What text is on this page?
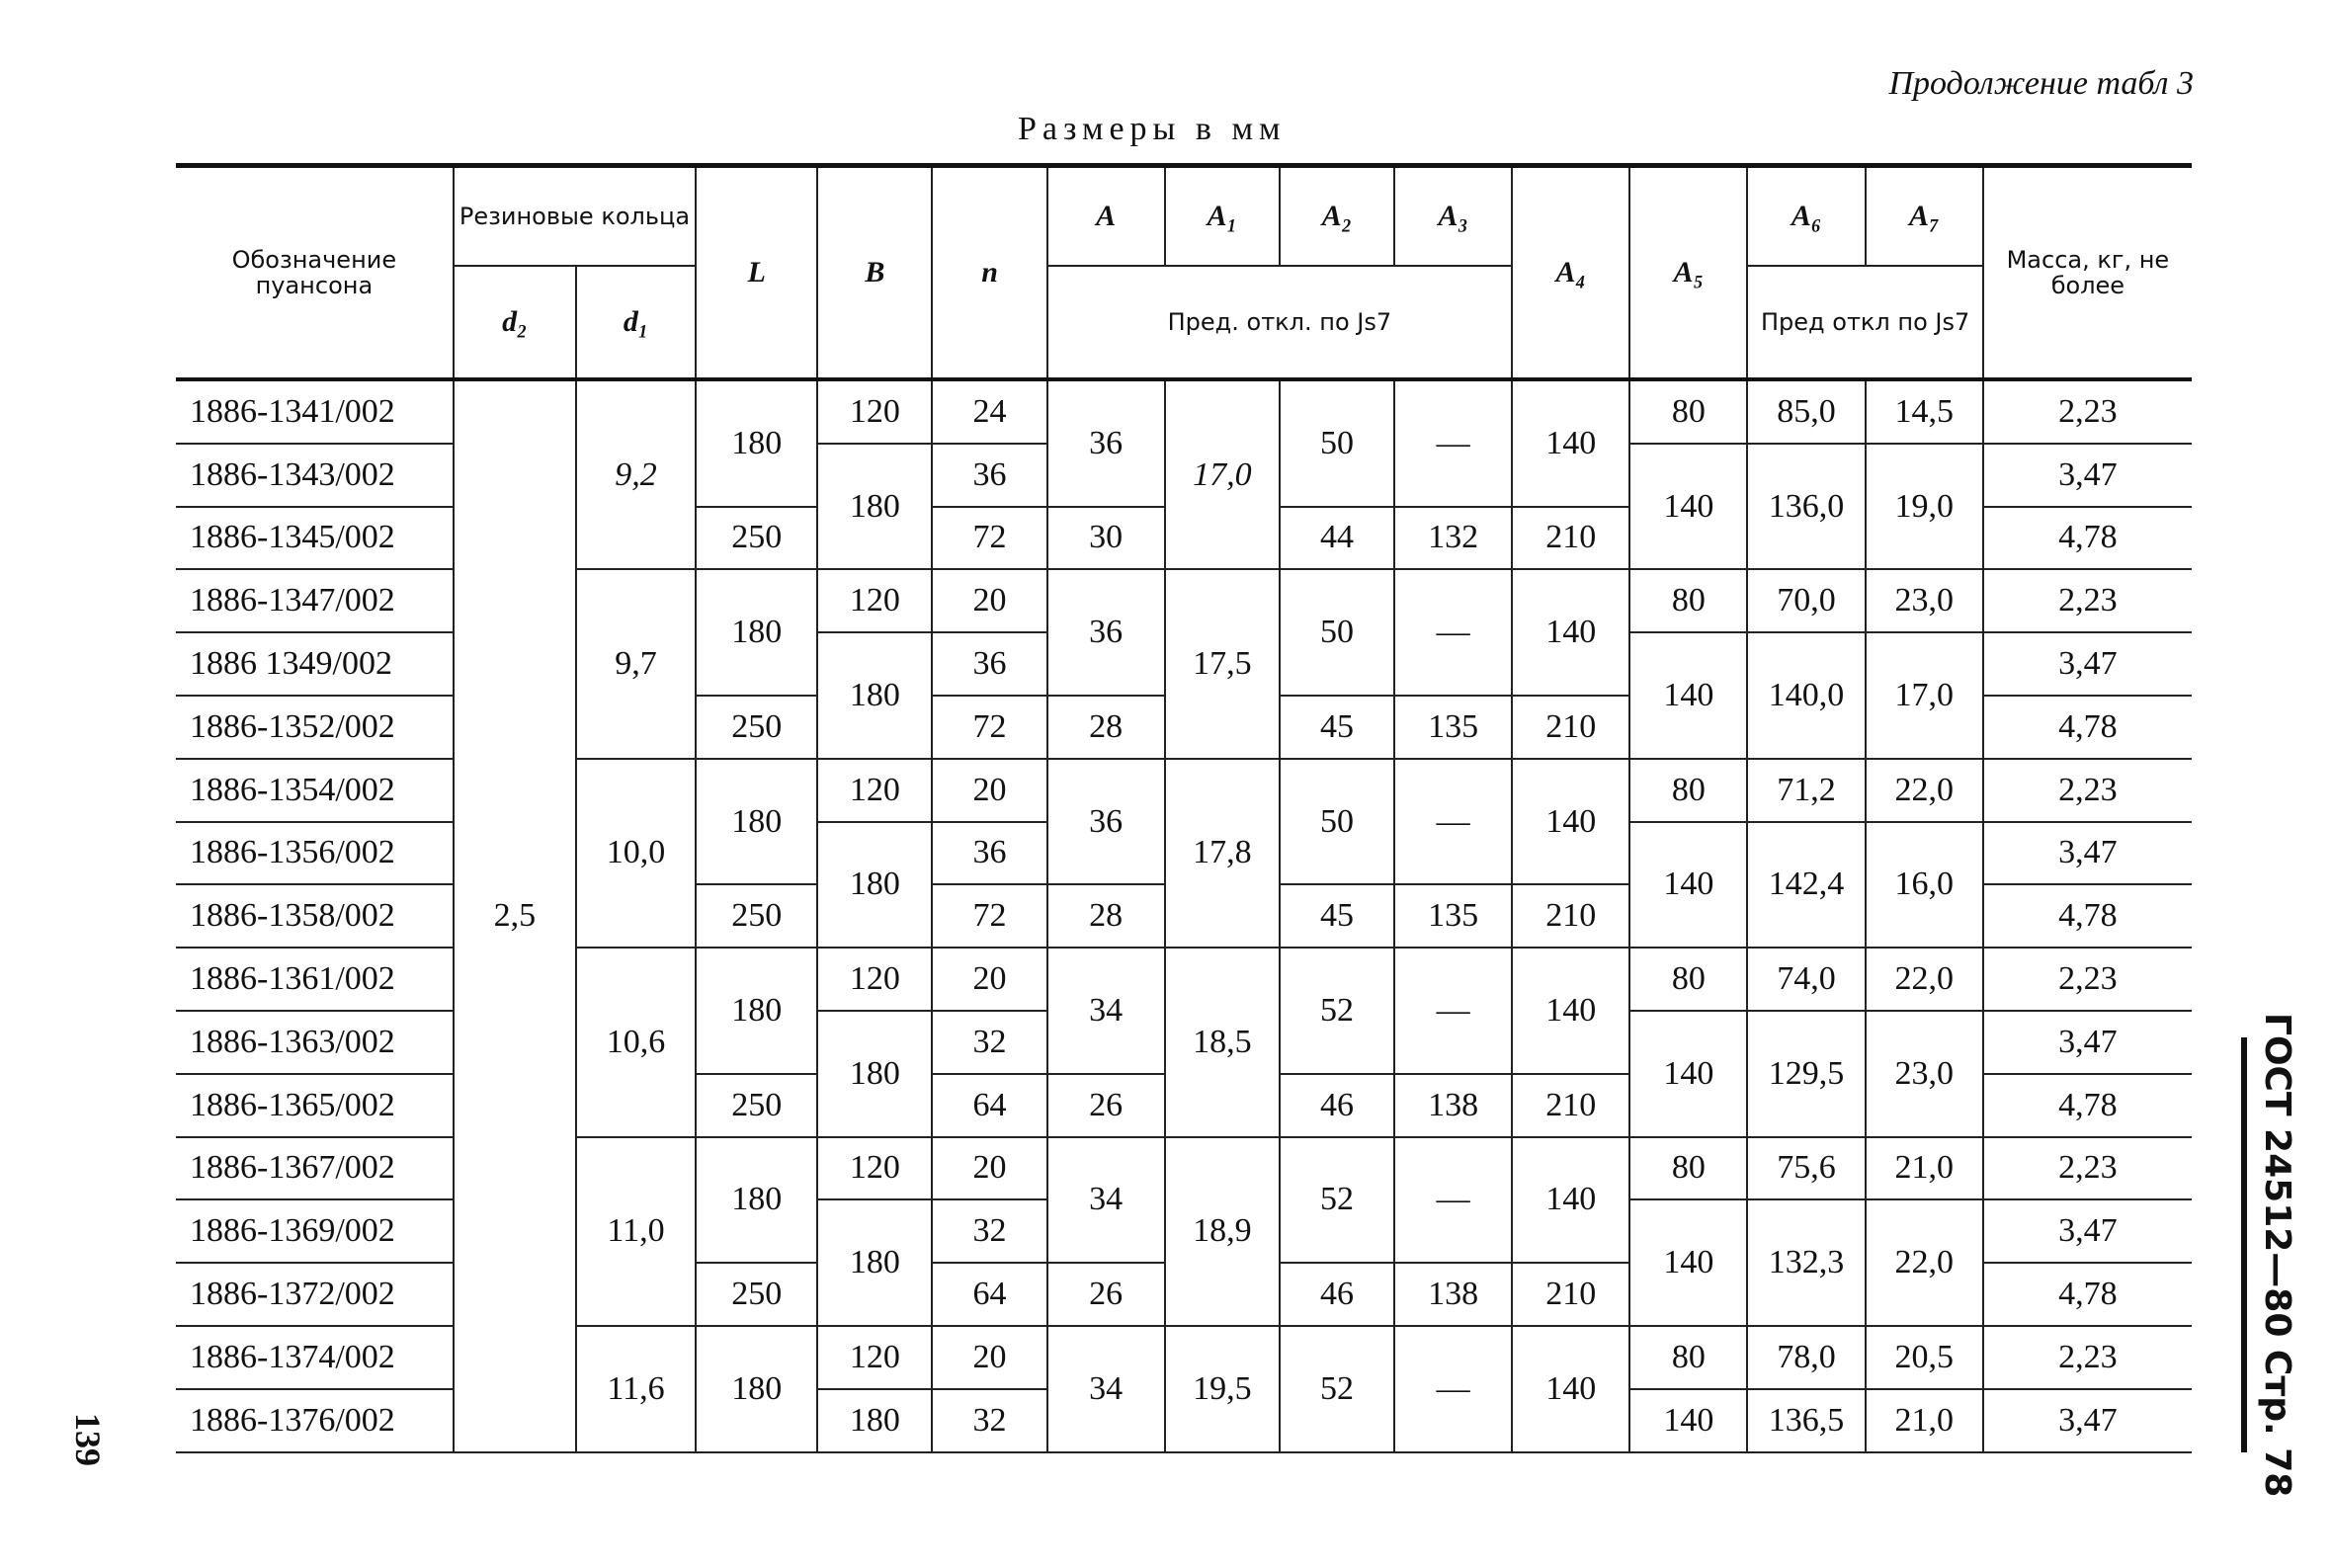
Продолжение табл 3
Размеры в мм
Обозначение пуансона	Резиновые кольца		L	B	n	A	A₁	A₂	A₃	A₄	A₅	A₆	A₇	Масса, кг, не более
	d₂	d₁				Пред. откл. по Js7						Пред откл по Js7		
1886-1341/002	2,5	9,2	180	120	24	36	17,0	50	—	140	80	85,0	14,5	2,23
1886-1343/002				180	36						140	136,0	19,0	3,47
1886-1345/002			250		72	30		44	132	210				4,78
1886-1347/002		9,7	180	120	20	36	17,5	50	—	140	80	70,0	23,0	2,23
1886 1349/002				180	36						140	140,0	17,0	3,47
1886-1352/002			250		72	28		45	135	210				4,78
1886-1354/002		10,0	180	120	20	36	17,8	50	—	140	80	71,2	22,0	2,23
1886-1356/002				180	36						140	142,4	16,0	3,47
1886-1358/002			250		72	28		45	135	210				4,78
1886-1361/002		10,6	180	120	20	34	18,5	52	—	140	80	74,0	22,0	2,23
1886-1363/002				180	32						140	129,5	23,0	3,47
1886-1365/002			250		64	26		46	138	210				4,78
1886-1367/002		11,0	180	120	20	34	18,9	52	—	140	80	75,6	21,0	2,23
1886-1369/002				180	32						140	132,3	22,0	3,47
1886-1372/002			250		64	26		46	138	210				4,78
1886-1374/002		11,6	180	120	20	34	19,5	52	—	140	80	78,0	20,5	2,23
1886-1376/002				180	32						140	136,5	21,0	3,47
139	ГОСТ 24512—80 Стр. 78
